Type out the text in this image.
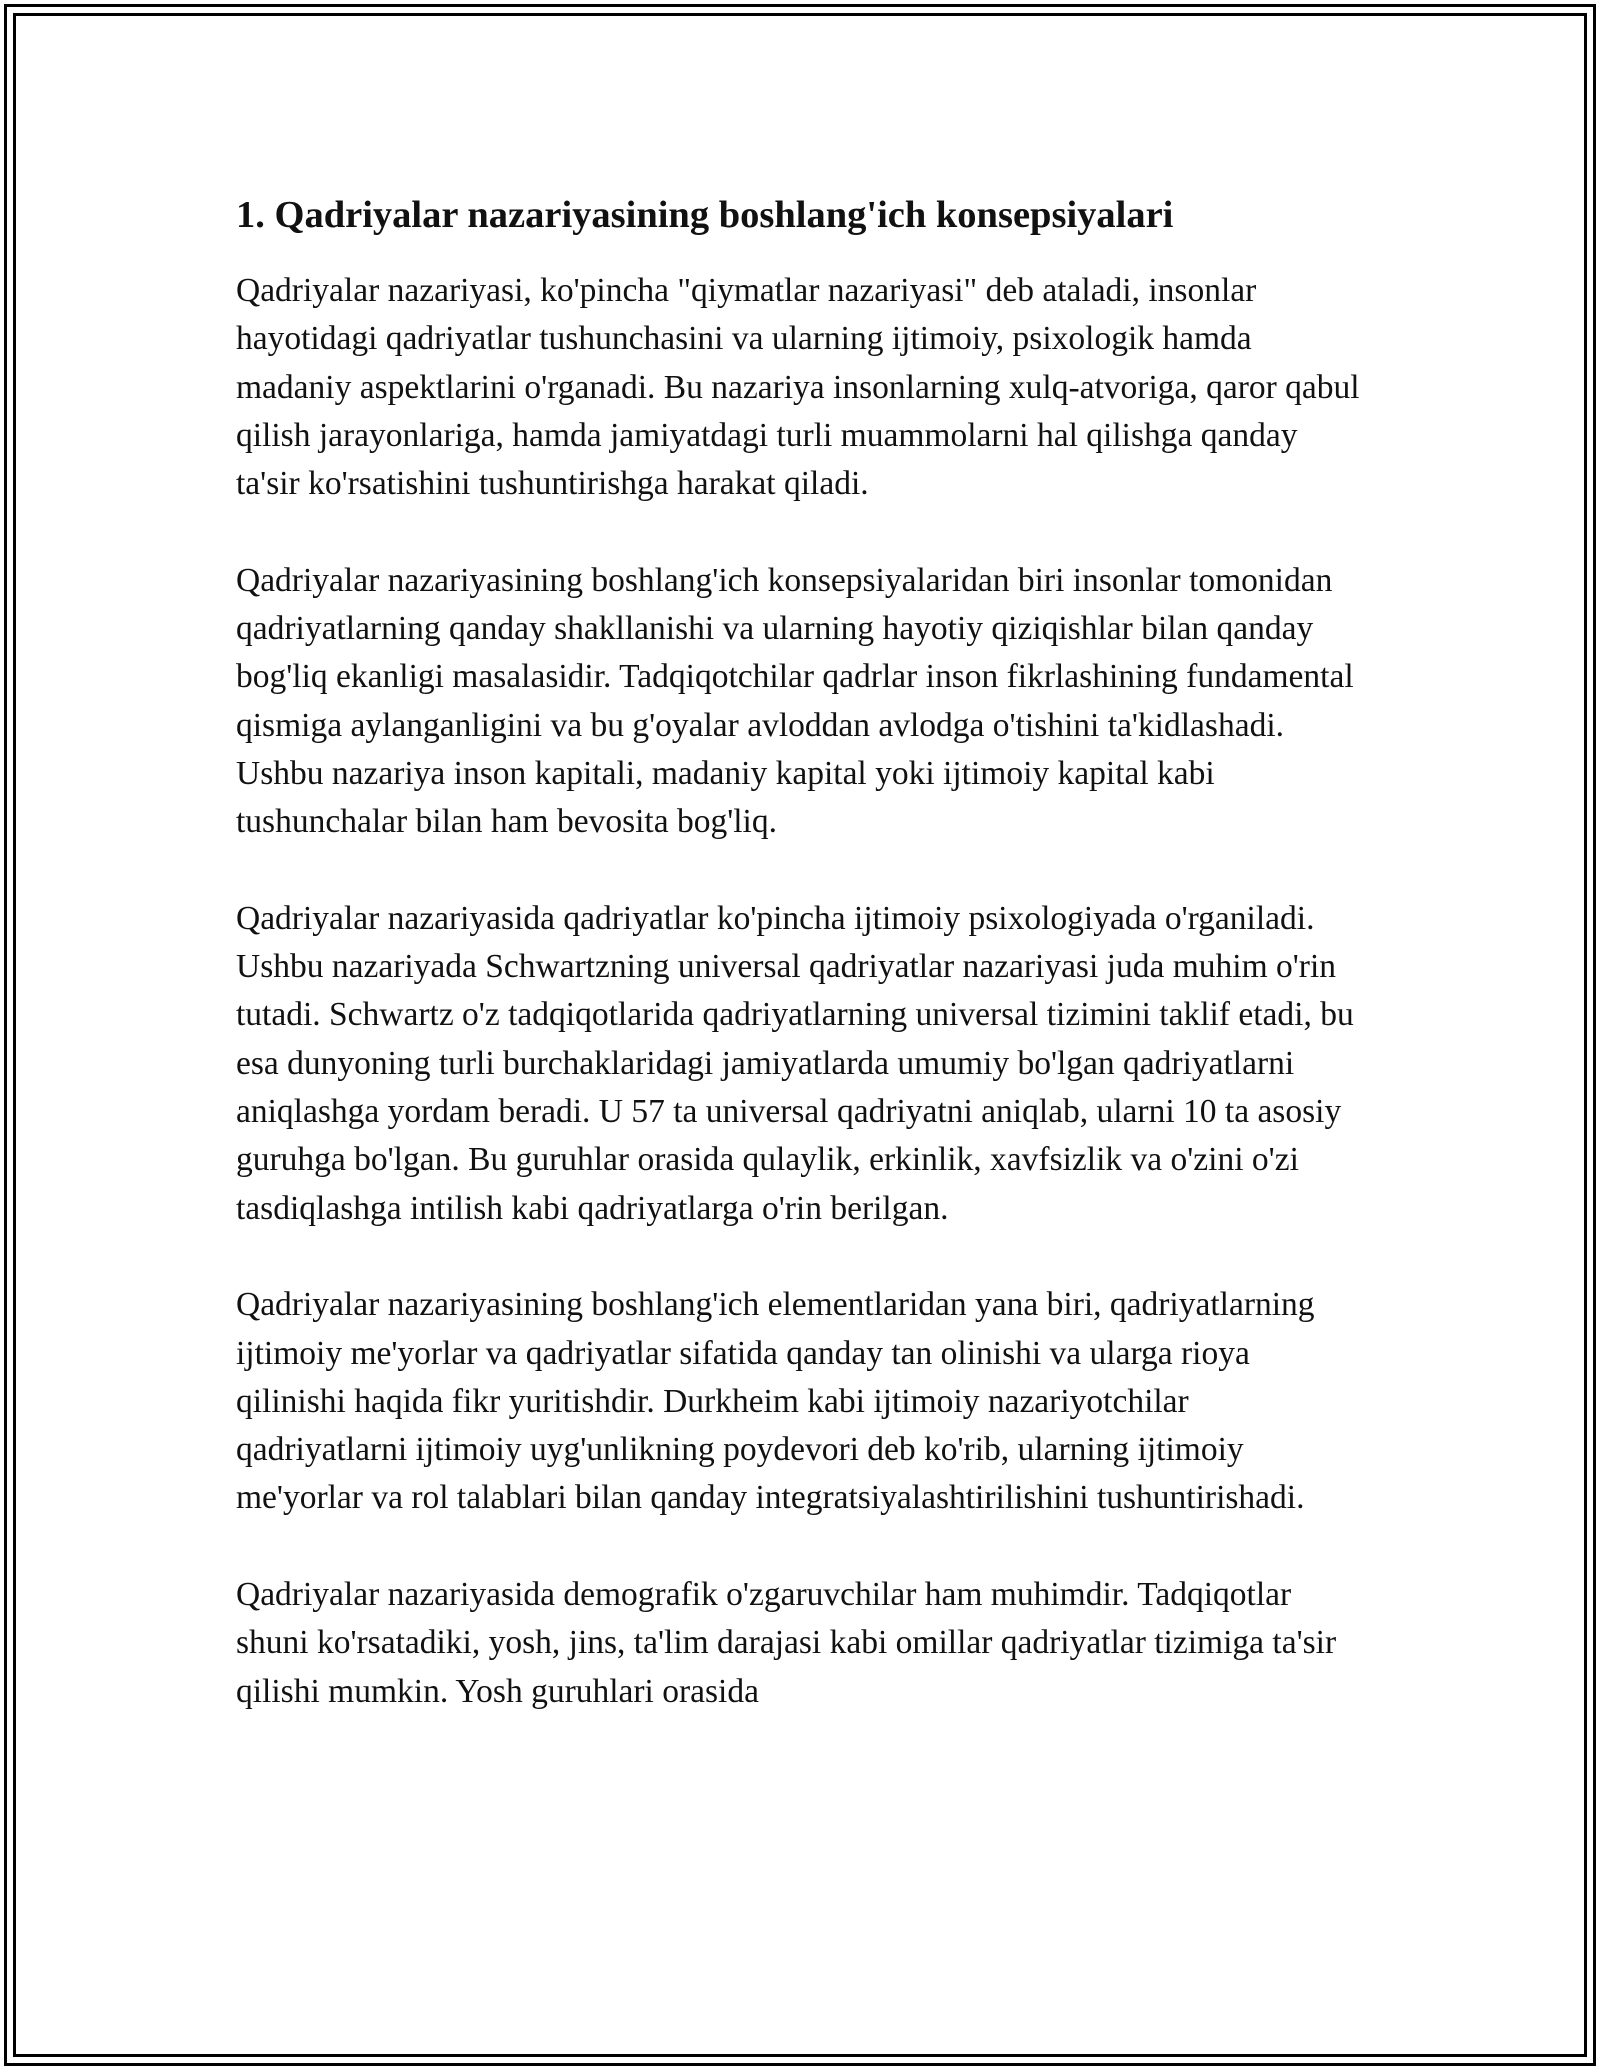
1. Qadriyalar nazariyasining boshlang'ich konsepsiyalari

Qadriyalar nazariyasi, ko'pincha "qiymatlar nazariyasi" deb ataladi, insonlar hayotidagi qadriyatlar tushunchasini va ularning ijtimoiy, psixologik hamda madaniy aspektlarini o'rganadi. Bu nazariya insonlarning xulq-atvoriga, qaror qabul qilish jarayonlariga, hamda jamiyatdagi turli muammolarni hal qilishga qanday ta'sir ko'rsatishini tushuntirishga harakat qiladi.

Qadriyalar nazariyasining boshlang'ich konsepsiyalaridan biri insonlar tomonidan qadriyatlarning qanday shakllanishi va ularning hayotiy qiziqishlar bilan qanday bog'liq ekanligi masalasidir. Tadqiqotchilar qadrlar inson fikrlashining fundamental qismiga aylanganligini va bu g'oyalar avloddan avlodga o'tishini ta'kidlashadi. Ushbu nazariya inson kapitali, madaniy kapital yoki ijtimoiy kapital kabi tushunchalar bilan ham bevosita bog'liq.

Qadriyalar nazariyasida qadriyatlar ko'pincha ijtimoiy psixologiyada o'rganiladi. Ushbu nazariyada Schwartzning universal qadriyatlar nazariyasi juda muhim o'rin tutadi. Schwartz o'z tadqiqotlarida qadriyatlarning universal tizimini taklif etadi, bu esa dunyoning turli burchaklaridagi jamiyatlarda umumiy bo'lgan qadriyatlarni aniqlashga yordam beradi. U 57 ta universal qadriyatni aniqlab, ularni 10 ta asosiy guruhga bo'lgan. Bu guruhlar orasida qulaylik, erkinlik, xavfsizlik va o'zini o'zi tasdiqlashga intilish kabi qadriyatlarga o'rin berilgan.

Qadriyalar nazariyasining boshlang'ich elementlaridan yana biri, qadriyatlarning ijtimoiy me'yorlar va qadriyatlar sifatida qanday tan olinishi va ularga rioya qilinishi haqida fikr yuritishdir. Durkheim kabi ijtimoiy nazariyotchilar qadriyatlarni ijtimoiy uyg'unlikning poydevori deb ko'rib, ularning ijtimoiy me'yorlar va rol talablari bilan qanday integratsiyalashtirilishini tushuntirishadi.

Qadriyalar nazariyasida demografik o'zgaruvchilar ham muhimdir. Tadqiqotlar shuni ko'rsatadiki, yosh, jins, ta'lim darajasi kabi omillar qadriyatlar tizimiga ta'sir qilishi mumkin. Yosh guruhlari orasida
